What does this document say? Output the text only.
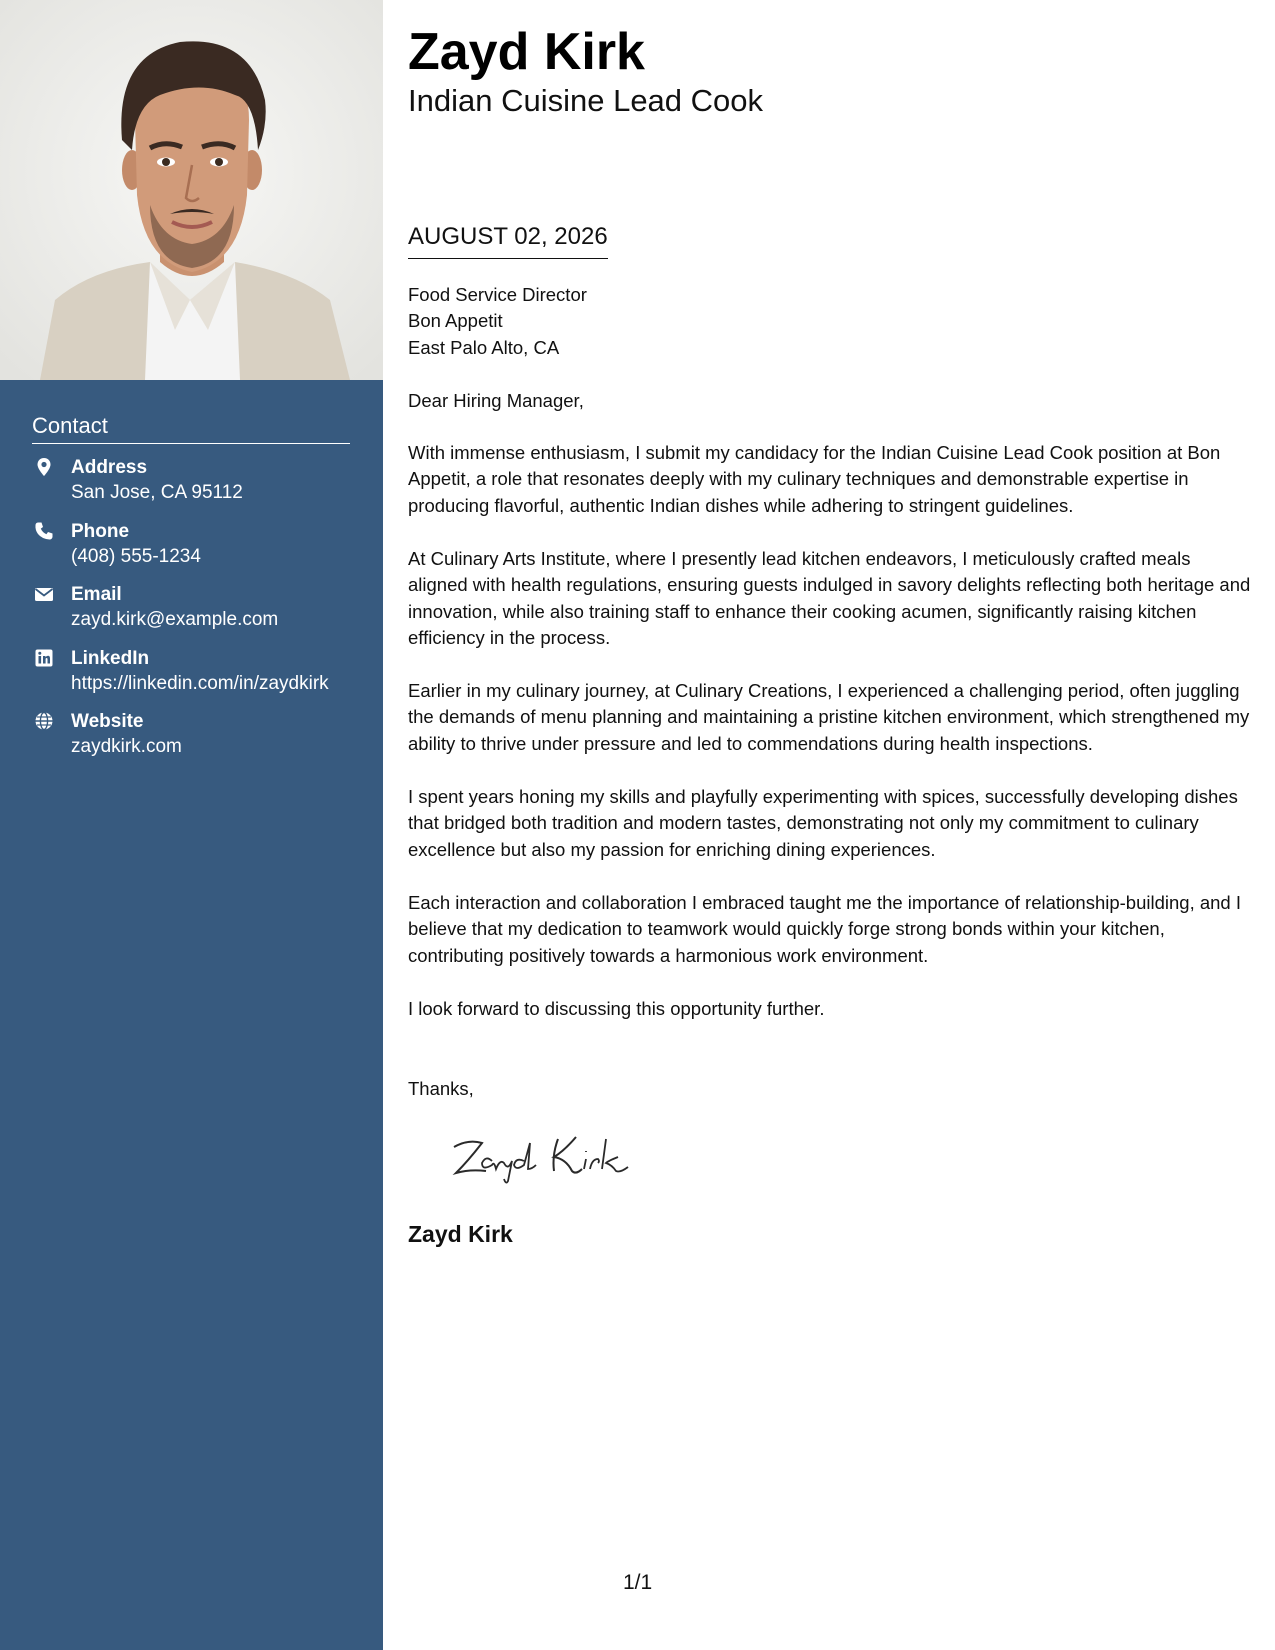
Contact
Address
San Jose, CA 95112
Phone
(408) 555-1234
Email
zayd.kirk@example.com
LinkedIn
https://linkedin.com/in/zaydkirk
Website
zaydkirk.com
Zayd Kirk
Indian Cuisine Lead Cook
AUGUST 02, 2026
Food Service Director
Bon Appetit
East Palo Alto, CA
Dear Hiring Manager,
With immense enthusiasm, I submit my candidacy for the Indian Cuisine Lead Cook position at Bon Appetit, a role that resonates deeply with my culinary techniques and demonstrable expertise in producing flavorful, authentic Indian dishes while adhering to stringent guidelines.
At Culinary Arts Institute, where I presently lead kitchen endeavors, I meticulously crafted meals aligned with health regulations, ensuring guests indulged in savory delights reflecting both heritage and innovation, while also training staff to enhance their cooking acumen, significantly raising kitchen efficiency in the process.
Earlier in my culinary journey, at Culinary Creations, I experienced a challenging period, often juggling the demands of menu planning and maintaining a pristine kitchen environment, which strengthened my ability to thrive under pressure and led to commendations during health inspections.
I spent years honing my skills and playfully experimenting with spices, successfully developing dishes that bridged both tradition and modern tastes, demonstrating not only my commitment to culinary excellence but also my passion for enriching dining experiences.
Each interaction and collaboration I embraced taught me the importance of relationship-building, and I believe that my dedication to teamwork would quickly forge strong bonds within your kitchen, contributing positively towards a harmonious work environment.
I look forward to discussing this opportunity further.
Thanks,
Zayd Kirk
1/1
